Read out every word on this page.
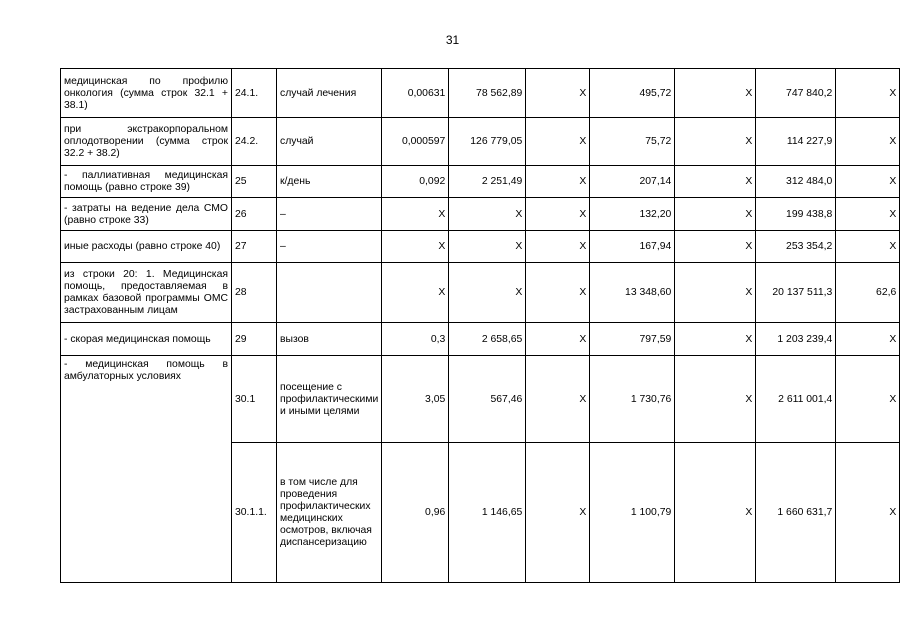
31
медицинская по профилю онкология (сумма строк 32.1 + 38.1)	24.1.	случай лечения	0,00631	78 562,89	Х	495,72	Х	747 840,2	Х
при экстракорпоральном оплодотворении (сумма строк 32.2 + 38.2)	24.2.	случай	0,000597	126 779,05	Х	75,72	Х	114 227,9	Х
- паллиативная медицинская помощь (равно строке 39)	25	к/день	0,092	2 251,49	Х	207,14	Х	312 484,0	Х
- затраты на ведение дела СМО (равно строке 33)	26	–	Х	Х	Х	132,20	Х	199 438,8	Х
иные расходы (равно строке 40)	27	–	Х	Х	Х	167,94	Х	253 354,2	Х
из строки 20: 1. Медицинская помощь, предоставляемая в рамках базовой программы ОМС застрахованным лицам	28		Х	Х	Х	13 348,60	Х	20 137 511,3	62,6
- скорая медицинская помощь	29	вызов	0,3	2 658,65	Х	797,59	Х	1 203 239,4	Х
- медицинская помощь в амбулаторных условиях	30.1	посещение с профилактическими и иными целями	3,05	567,46	Х	1 730,76	Х	2 611 001,4	Х
	30.1.1.	в том числе для проведения профилактических медицинских осмотров, включая диспансеризацию	0,96	1 146,65	Х	1 100,79	Х	1 660 631,7	Х
